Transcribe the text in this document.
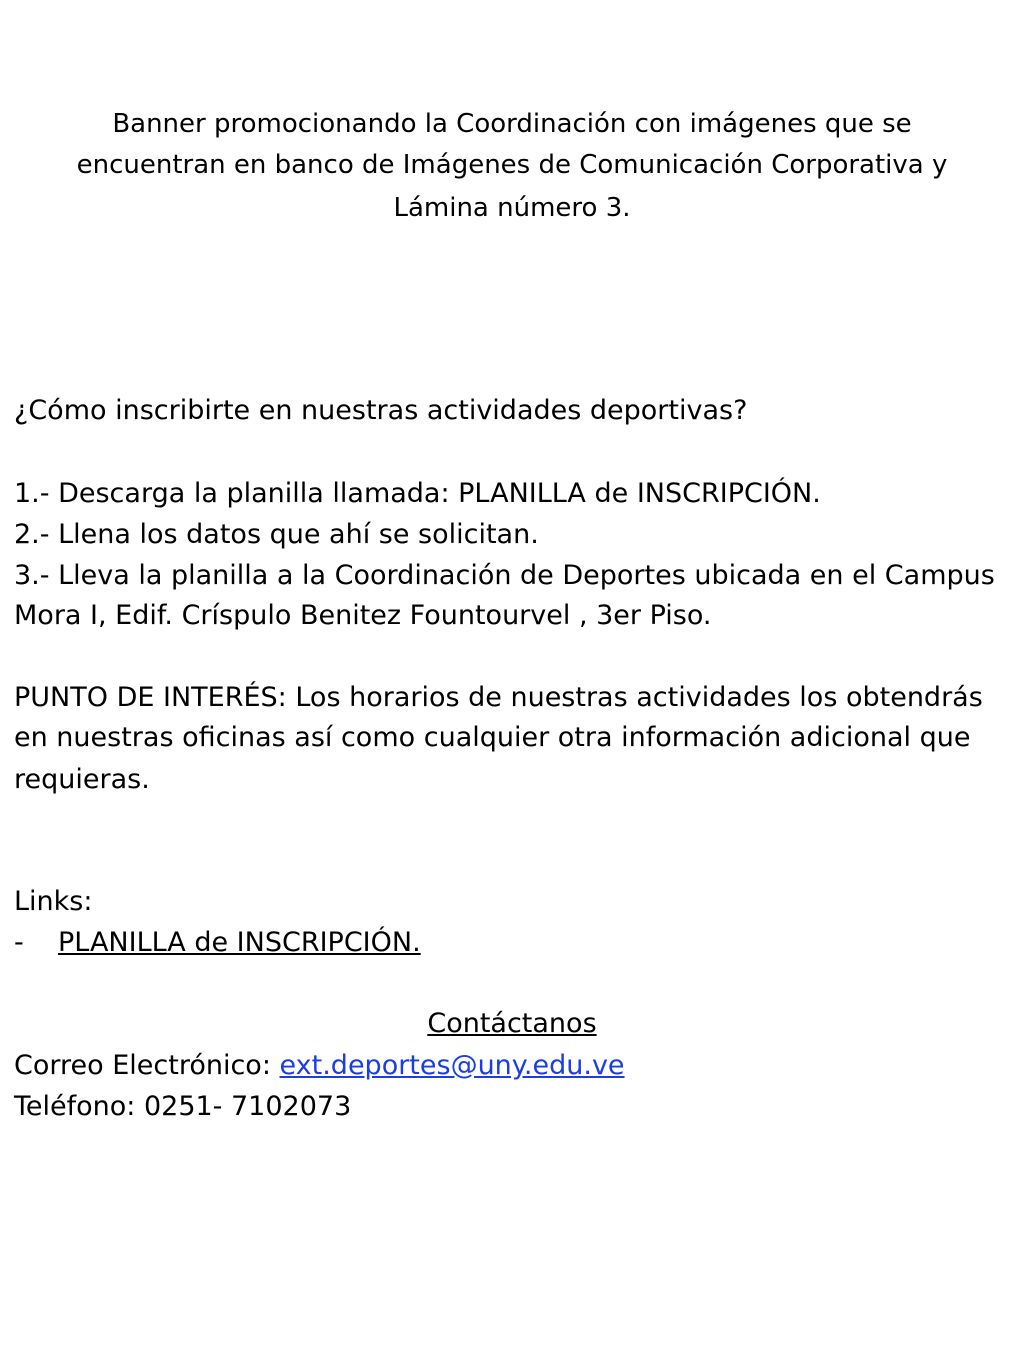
Banner promocionando la Coordinación con imágenes que se
encuentran en banco de Imágenes de Comunicación Corporativa y
Lámina número 3.
¿Cómo inscribirte en nuestras actividades deportivas?
1.- Descarga la planilla llamada: PLANILLA de INSCRIPCIÓN.
2.- Llena los datos que ahí se solicitan.
3.- Lleva la planilla a la Coordinación de Deportes ubicada en el Campus
Mora I, Edif. Críspulo Benitez Fountourvel , 3er Piso.
PUNTO DE INTERÉS: Los horarios de nuestras actividades los obtendrás
en nuestras oficinas así como cualquier otra información adicional que
requieras.
Links:
- PLANILLA de INSCRIPCIÓN.
Contáctanos
Correo Electrónico: ext.deportes@uny.edu.ve
Teléfono: 0251- 7102073
